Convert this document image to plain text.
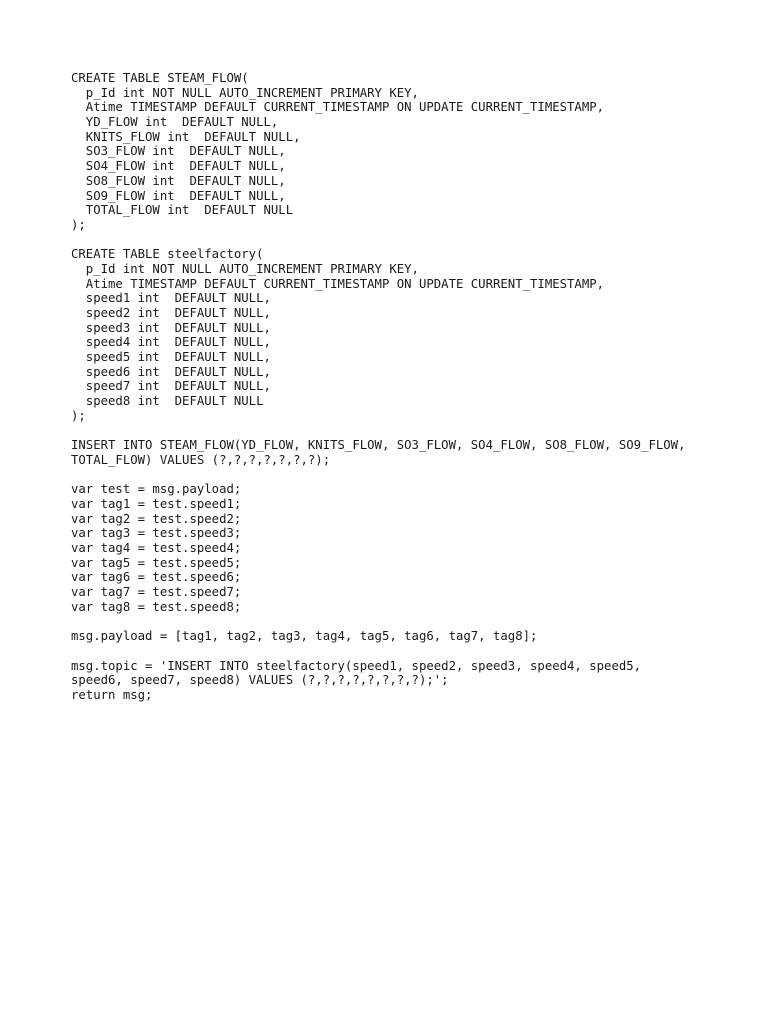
CREATE TABLE STEAM_FLOW(
p_Id int NOT NULL AUTO_INCREMENT PRIMARY KEY,
Atime TIMESTAMP DEFAULT CURRENT_TIMESTAMP ON UPDATE CURRENT_TIMESTAMP,
YD_FLOW int  DEFAULT NULL,
KNITS_FLOW int  DEFAULT NULL,
SO3_FLOW int  DEFAULT NULL,
SO4_FLOW int  DEFAULT NULL,
SO8_FLOW int  DEFAULT NULL,
SO9_FLOW int  DEFAULT NULL,
TOTAL_FLOW int  DEFAULT NULL
);
CREATE TABLE steelfactory(
p_Id int NOT NULL AUTO_INCREMENT PRIMARY KEY,
Atime TIMESTAMP DEFAULT CURRENT_TIMESTAMP ON UPDATE CURRENT_TIMESTAMP,
speed1 int  DEFAULT NULL,
speed2 int  DEFAULT NULL,
speed3 int  DEFAULT NULL,
speed4 int  DEFAULT NULL,
speed5 int  DEFAULT NULL,
speed6 int  DEFAULT NULL,
speed7 int  DEFAULT NULL,
speed8 int  DEFAULT NULL
);
INSERT INTO STEAM_FLOW(YD_FLOW, KNITS_FLOW, SO3_FLOW, SO4_FLOW, SO8_FLOW, SO9_FLOW,
TOTAL_FLOW) VALUES (?,?,?,?,?,?,?);
var test = msg.payload;
var tag1 = test.speed1;
var tag2 = test.speed2;
var tag3 = test.speed3;
var tag4 = test.speed4;
var tag5 = test.speed5;
var tag6 = test.speed6;
var tag7 = test.speed7;
var tag8 = test.speed8;
msg.payload = [tag1, tag2, tag3, tag4, tag5, tag6, tag7, tag8];
msg.topic = 'INSERT INTO steelfactory(speed1, speed2, speed3, speed4, speed5,
speed6, speed7, speed8) VALUES (?,?,?,?,?,?,?,?);';
return msg;
